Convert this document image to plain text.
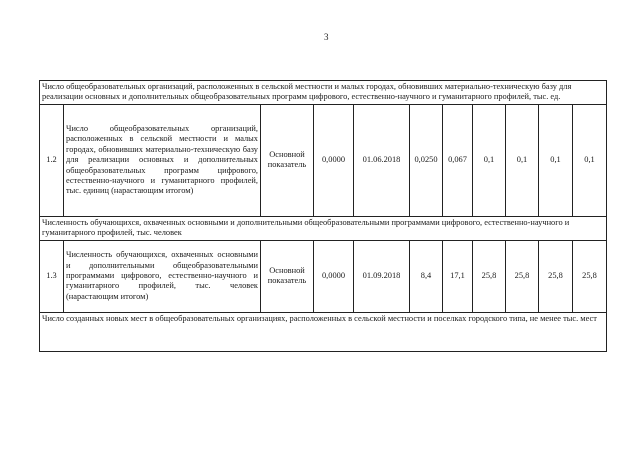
3
Число общеобразовательных организаций, расположенных в сельской местности и малых городах, обновивших материально-техническую базу для реализации основных и дополнительных общеобразовательных программ цифрового, естественно-научного и гуманитарного профилей, тыс. ед.										
1.2	Число общеобразовательных организаций, расположенных в сельской местности и малых городах, обновивших материально-техническую базу для реализации основных и дополнительных общеобразовательных программ цифрового, естественно-научного и гуманитарного профилей, тыс. единиц (нарастающим итогом)	Основной показатель	0,0000	01.06.2018	0,0250	0,067	0,1	0,1	0,1	0,1
Численность обучающихся, охваченных основными и дополнительными общеобразовательными программами цифрового, естественно-научного и гуманитарного профилей, тыс. человек										
1.3	Численность обучающихся, охваченных основными и дополнительными общеобразовательными программами цифрового, естественно-научного и гуманитарного профилей, тыс. человек (нарастающим итогом)	Основной показатель	0,0000	01.09.2018	8,4	17,1	25,8	25,8	25,8	25,8
Число созданных новых мест в общеобразовательных организациях, расположенных в сельской местности и поселках городского типа, не менее тыс. мест										
